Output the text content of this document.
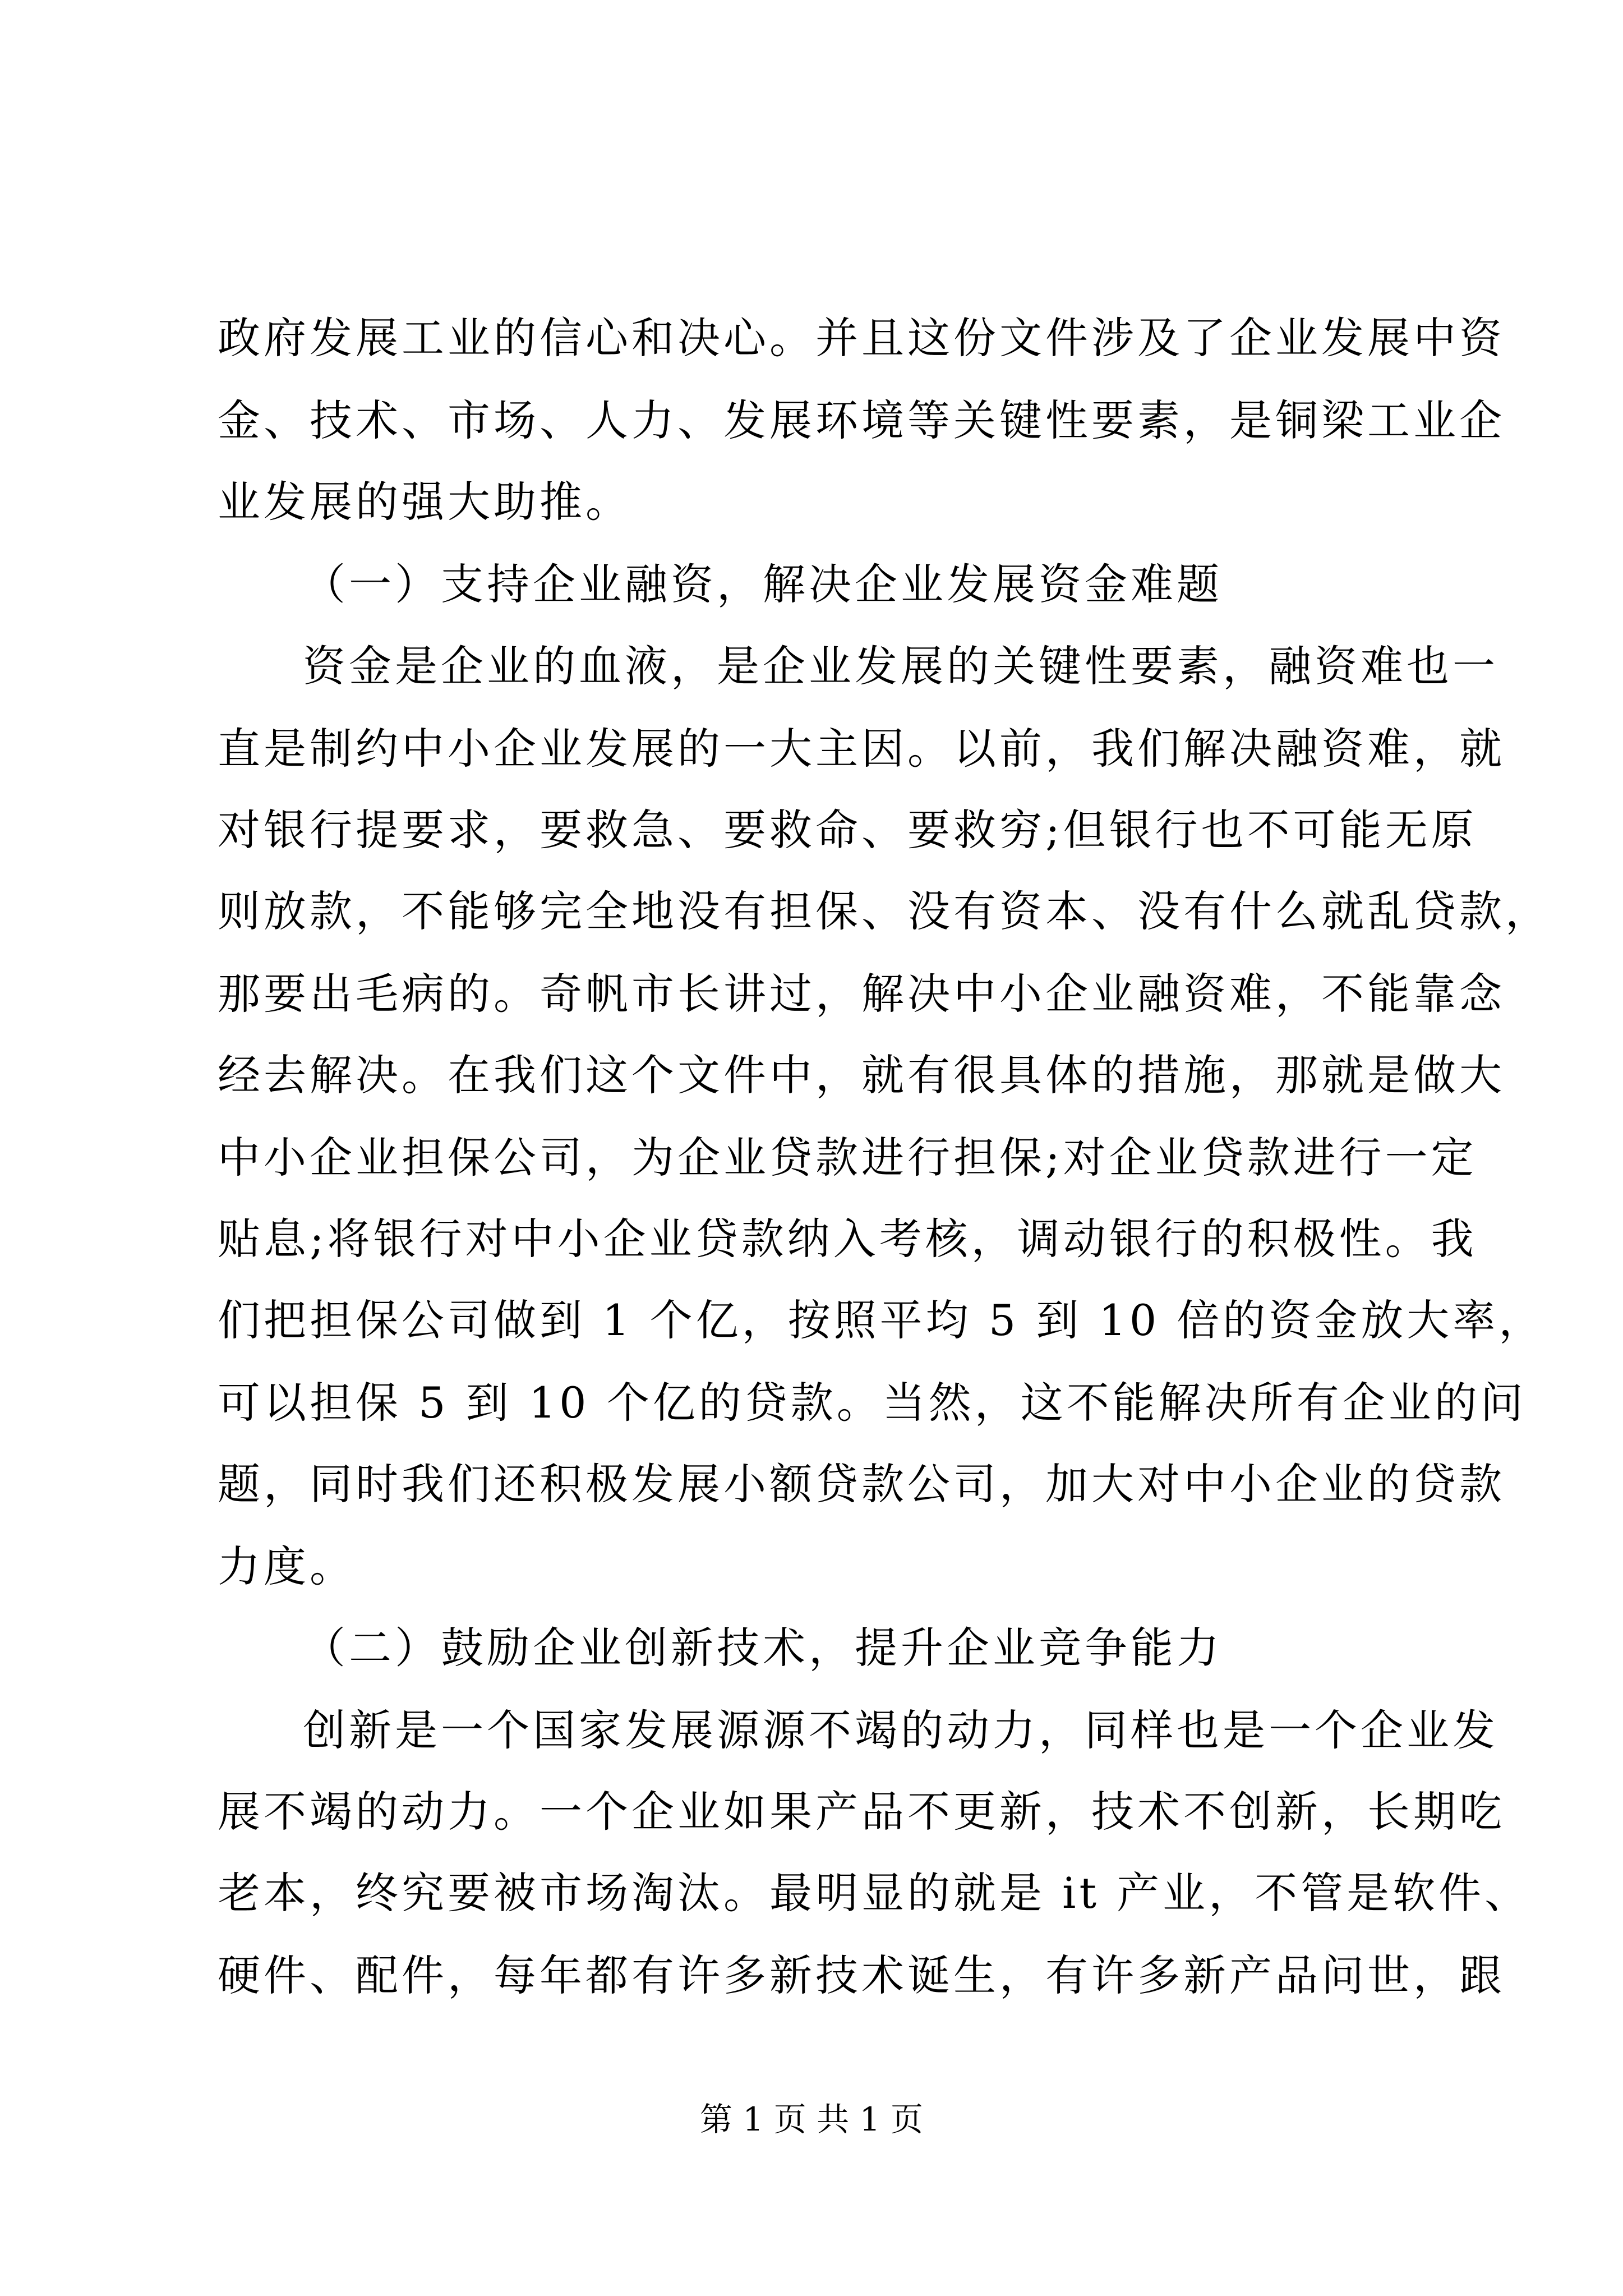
政府发展工业的信心和决心。并且这份文件涉及了企业发展中资
金、技术、市场、人力、发展环境等关键性要素，是铜梁工业企
业发展的强大助推。
（一）支持企业融资，解决企业发展资金难题
资金是企业的血液，是企业发展的关键性要素，融资难也一
直是制约中小企业发展的一大主因。以前，我们解决融资难，就
对银行提要求，要救急、要救命、要救穷;但银行也不可能无原
则放款，不能够完全地没有担保、没有资本、没有什么就乱贷款，
那要出毛病的。奇帆市长讲过，解决中小企业融资难，不能靠念
经去解决。在我们这个文件中，就有很具体的措施，那就是做大
中小企业担保公司，为企业贷款进行担保;对企业贷款进行一定
贴息;将银行对中小企业贷款纳入考核，调动银行的积极性。我
们把担保公司做到 1 个亿，按照平均 5 到 10 倍的资金放大率，
可以担保 5 到 10 个亿的贷款。当然，这不能解决所有企业的问
题，同时我们还积极发展小额贷款公司，加大对中小企业的贷款
力度。
（二）鼓励企业创新技术，提升企业竞争能力
创新是一个国家发展源源不竭的动力，同样也是一个企业发
展不竭的动力。一个企业如果产品不更新，技术不创新，长期吃
老本，终究要被市场淘汰。最明显的就是 it 产业，不管是软件、
硬件、配件，每年都有许多新技术诞生，有许多新产品问世，跟
第 1 页 共 1 页
